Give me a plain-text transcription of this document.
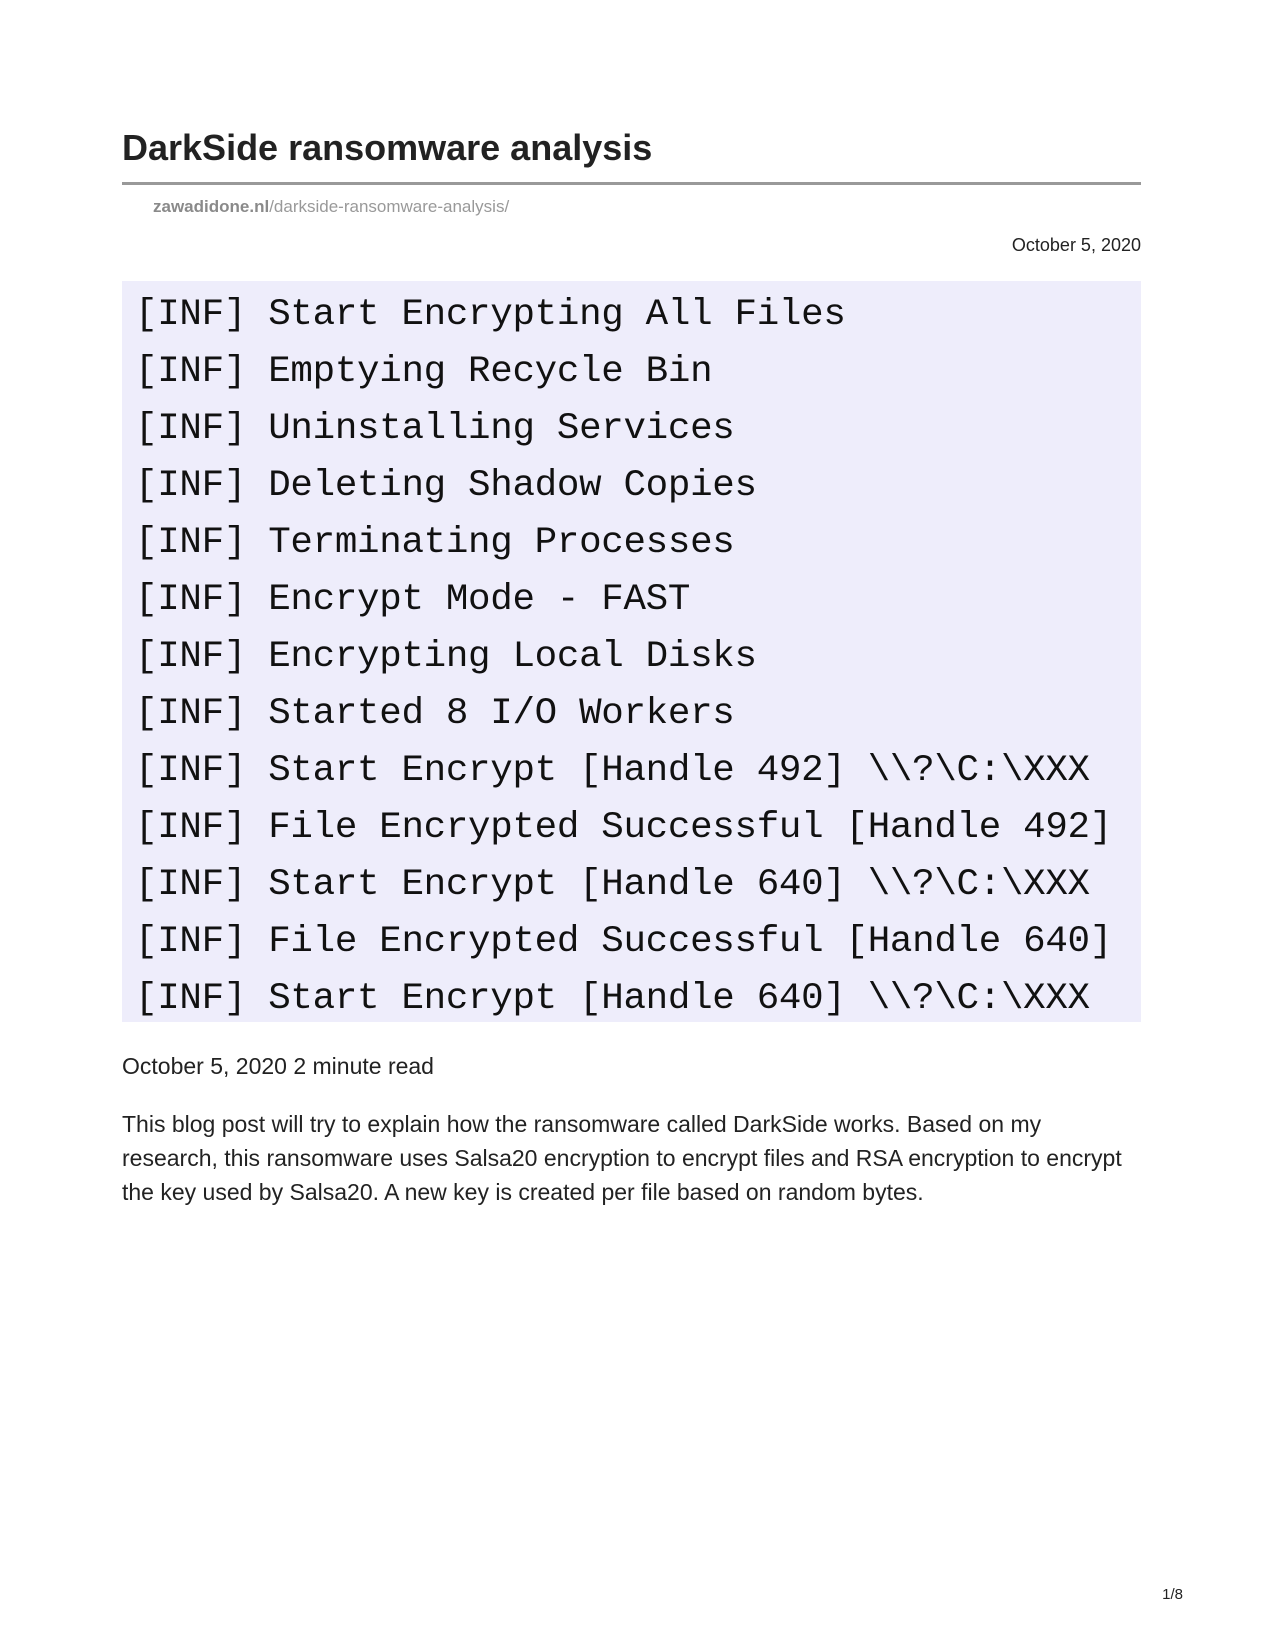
DarkSide ransomware analysis
zawadidone.nl/darkside-ransomware-analysis/
October 5, 2020
[INF] Start Encrypting All Files
[INF] Emptying Recycle Bin
[INF] Uninstalling Services
[INF] Deleting Shadow Copies
[INF] Terminating Processes
[INF] Encrypt Mode - FAST
[INF] Encrypting Local Disks
[INF] Started 8 I/O Workers
[INF] Start Encrypt [Handle 492] \\?\C:\XXX
[INF] File Encrypted Successful [Handle 492]
[INF] Start Encrypt [Handle 640] \\?\C:\XXX
[INF] File Encrypted Successful [Handle 640]
[INF] Start Encrypt [Handle 640] \\?\C:\XXX
October 5, 2020 2 minute read

This blog post will try to explain how the ransomware called DarkSide works. Based on my research, this ransomware uses Salsa20 encryption to encrypt files and RSA encryption to encrypt the key used by Salsa20. A new key is created per file based on random bytes.

1/8
